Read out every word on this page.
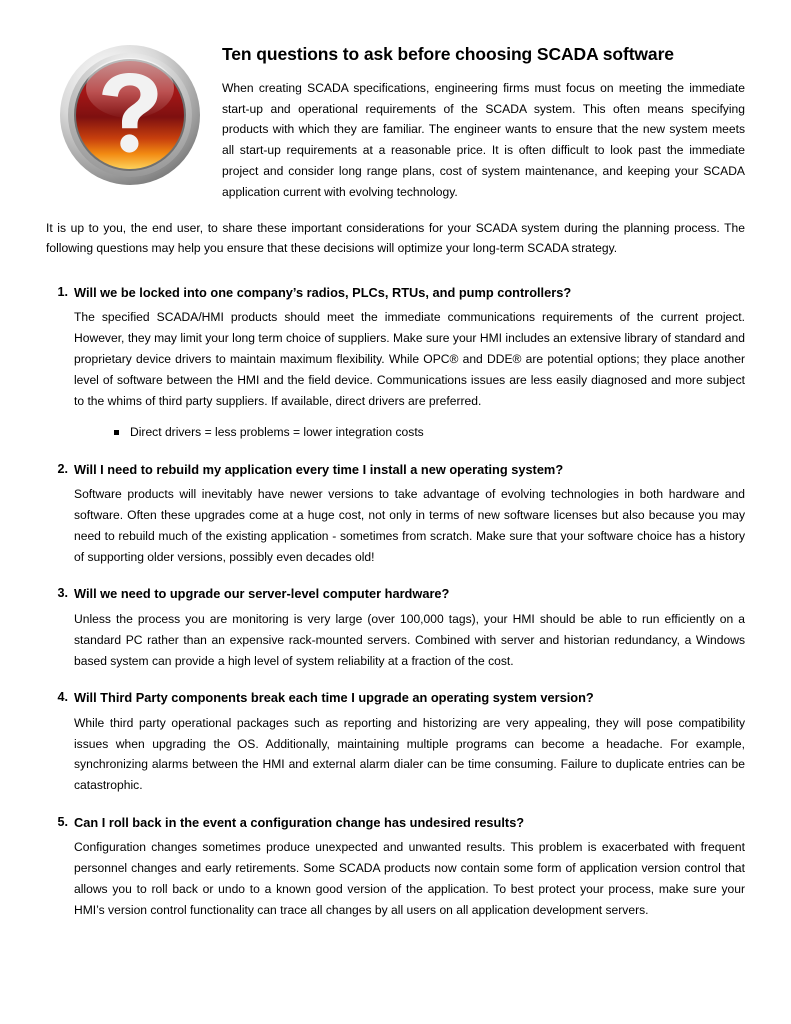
Ten questions to ask before choosing SCADA software

When creating SCADA specifications, engineering firms must focus on meeting the immediate start-up and operational requirements of the SCADA system. This often means specifying products with which they are familiar. The engineer wants to ensure that the new system meets all start-up requirements at a reasonable price. It is often difficult to look past the immediate project and consider long range plans, cost of system maintenance, and keeping your SCADA application current with evolving technology.

It is up to you, the end user, to share these important considerations for your SCADA system during the planning process. The following questions may help you ensure that these decisions will optimize your long-term SCADA strategy.

Will we be locked into one company’s radios, PLCs, RTUs, and pump controllers?

The specified SCADA/HMI products should meet the immediate communications requirements of the current project. However, they may limit your long term choice of suppliers. Make sure your HMI includes an extensive library of standard and proprietary device drivers to maintain maximum flexibility. While OPC® and DDE® are potential options; they place another level of software between the HMI and the field device. Communications issues are less easily diagnosed and more subject to the whims of third party suppliers. If available, direct drivers are preferred.

Direct drivers = less problems = lower integration costs
Will I need to rebuild my application every time I install a new operating system?

Software products will inevitably have newer versions to take advantage of evolving technologies in both hardware and software. Often these upgrades come at a huge cost, not only in terms of new software licenses but also because you may need to rebuild much of the existing application - sometimes from scratch. Make sure that your software choice has a history of supporting older versions, possibly even decades old!

Will we need to upgrade our server-level computer hardware?

Unless the process you are monitoring is very large (over 100,000 tags), your HMI should be able to run efficiently on a standard PC rather than an expensive rack-mounted servers. Combined with server and historian redundancy, a Windows based system can provide a high level of system reliability at a fraction of the cost.

Will Third Party components break each time I upgrade an operating system version?

While third party operational packages such as reporting and historizing are very appealing, they will pose compatibility issues when upgrading the OS. Additionally, maintaining multiple programs can become a headache. For example, synchronizing alarms between the HMI and external alarm dialer can be time consuming. Failure to duplicate entries can be catastrophic.

Can I roll back in the event a configuration change has undesired results?

Configuration changes sometimes produce unexpected and unwanted results. This problem is exacerbated with frequent personnel changes and early retirements. Some SCADA products now contain some form of application version control that allows you to roll back or undo to a known good version of the application. To best protect your process, make sure your HMI’s version control functionality can trace all changes by all users on all application development servers.
